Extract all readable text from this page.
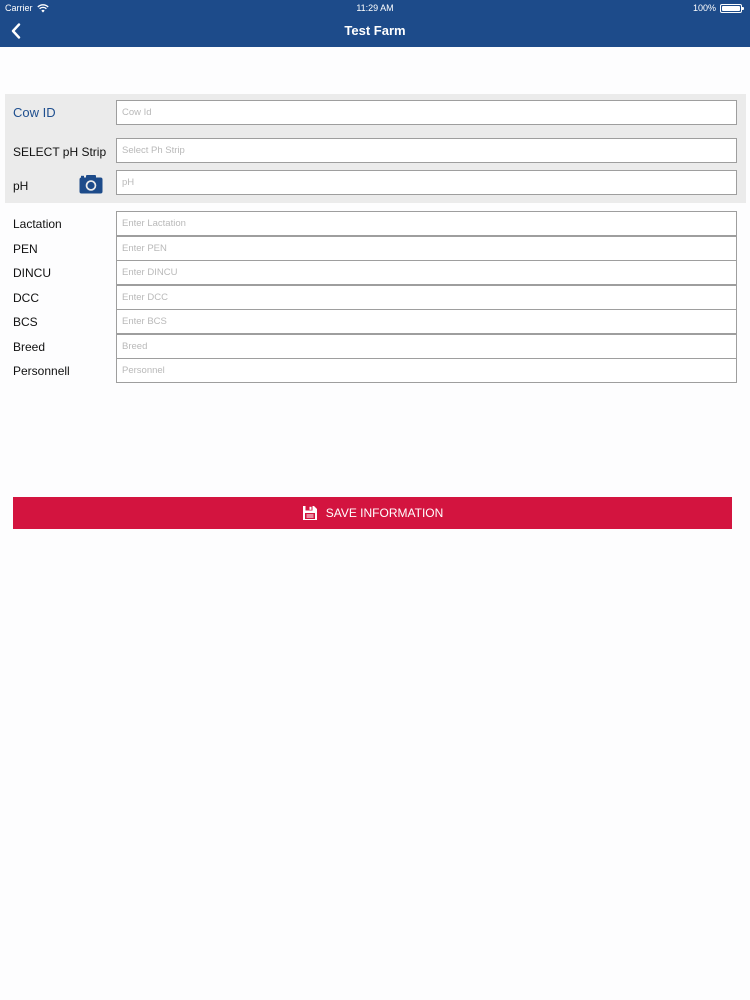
Carrier	11:29 AM	100%
Test Farm
Cow ID
Cow Id
SELECT pH Strip
Select Ph Strip
pH
pH
Lactation
Enter Lactation
PEN
Enter PEN
DINCU
Enter DINCU
DCC
Enter DCC
BCS
Enter BCS
Breed
Breed
Personnell
Personnel
SAVE INFORMATION
